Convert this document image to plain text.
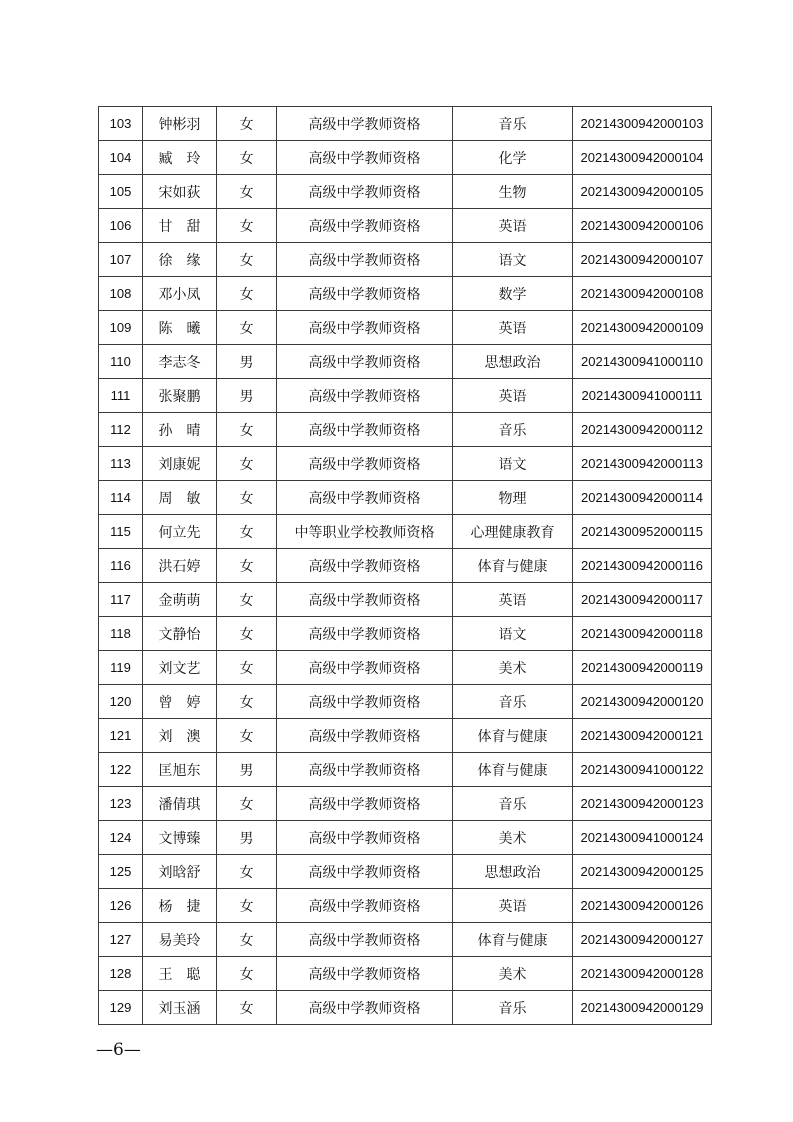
103	钟彬羽	女	高级中学教师资格	音乐	20214300942000103
104	臧　玲	女	高级中学教师资格	化学	20214300942000104
105	宋如荻	女	高级中学教师资格	生物	20214300942000105
106	甘　甜	女	高级中学教师资格	英语	20214300942000106
107	徐　缘	女	高级中学教师资格	语文	20214300942000107
108	邓小凤	女	高级中学教师资格	数学	20214300942000108
109	陈　曦	女	高级中学教师资格	英语	20214300942000109
110	李志冬	男	高级中学教师资格	思想政治	20214300941000110
111	张聚鹏	男	高级中学教师资格	英语	20214300941000111
112	孙　晴	女	高级中学教师资格	音乐	20214300942000112
113	刘康妮	女	高级中学教师资格	语文	20214300942000113
114	周　敏	女	高级中学教师资格	物理	20214300942000114
115	何立先	女	中等职业学校教师资格	心理健康教育	20214300952000115
116	洪石婷	女	高级中学教师资格	体育与健康	20214300942000116
117	金萌萌	女	高级中学教师资格	英语	20214300942000117
118	文静怡	女	高级中学教师资格	语文	20214300942000118
119	刘文艺	女	高级中学教师资格	美术	20214300942000119
120	曾　婷	女	高级中学教师资格	音乐	20214300942000120
121	刘　澳	女	高级中学教师资格	体育与健康	20214300942000121
122	匡旭东	男	高级中学教师资格	体育与健康	20214300941000122
123	潘倩琪	女	高级中学教师资格	音乐	20214300942000123
124	文博臻	男	高级中学教师资格	美术	20214300941000124
125	刘晗舒	女	高级中学教师资格	思想政治	20214300942000125
126	杨　捷	女	高级中学教师资格	英语	20214300942000126
127	易美玲	女	高级中学教师资格	体育与健康	20214300942000127
128	王　聪	女	高级中学教师资格	美术	20214300942000128
129	刘玉涵	女	高级中学教师资格	音乐	20214300942000129
—6—
